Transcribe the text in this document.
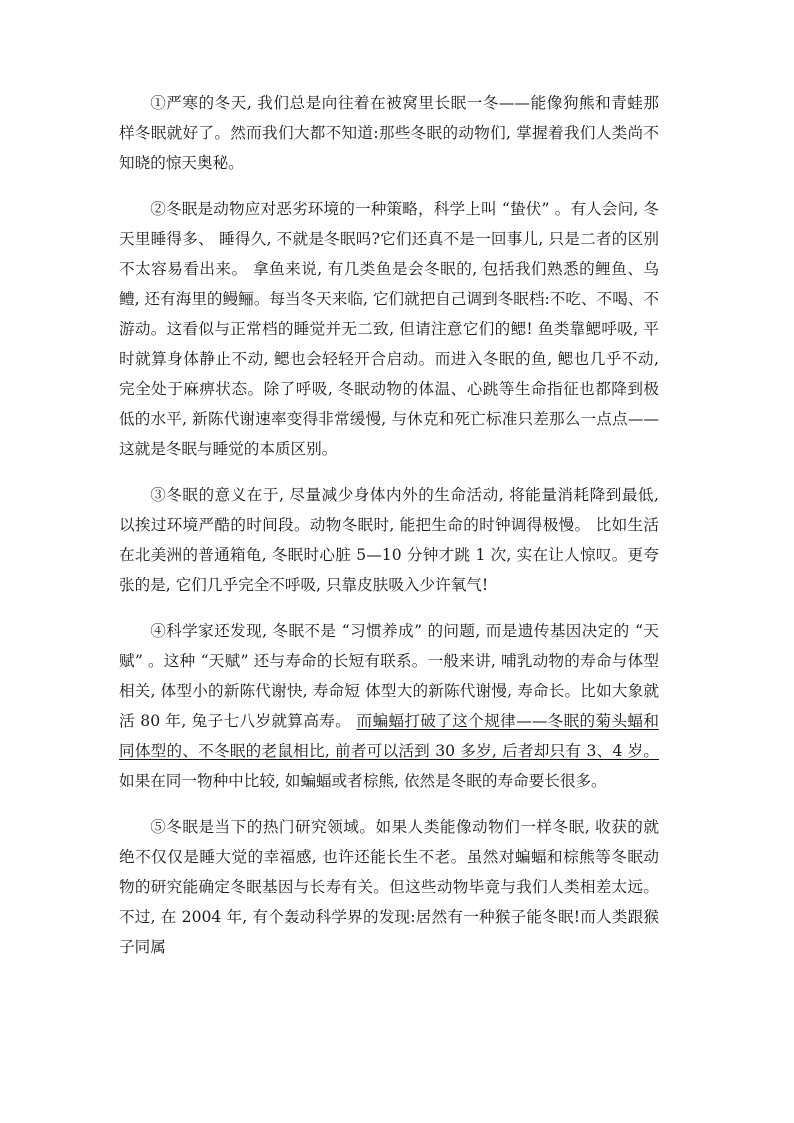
①严寒的冬天, 我们总是向往着在被窝里长眠一冬——能像狗熊和青蛙那样冬眠就好了。然而我们大都不知道:那些冬眠的动物们, 掌握着我们人类尚不知晓的惊天奥秘。

②冬眠是动物应对恶劣环境的一种策略，科学上叫 “蛰伏” 。有人会问, 冬天里睡得多、 睡得久, 不就是冬眠吗?它们还真不是一回事儿, 只是二者的区别不太容易看出来。 拿鱼来说, 有几类鱼是会冬眠的, 包括我们熟悉的鲤鱼、乌鳢, 还有海里的鳗鲡。每当冬天来临, 它们就把自己调到冬眠档:不吃、不喝、不游动。这看似与正常档的睡觉并无二致, 但请注意它们的鳃! 鱼类靠鳃呼吸, 平时就算身体静止不动, 鳃也会轻轻开合启动。而进入冬眠的鱼, 鳃也几乎不动, 完全处于麻痹状态。除了呼吸, 冬眠动物的体温、心跳等生命指征也都降到极低的水平, 新陈代谢速率变得非常缓慢, 与休克和死亡标准只差那么一点点——这就是冬眠与睡觉的本质区别。

③冬眠的意义在于, 尽量减少身体内外的生命活动, 将能量消耗降到最低, 以挨过环境严酷的时间段。动物冬眠时, 能把生命的时钟调得极慢。 比如生活在北美洲的普通箱龟, 冬眠时心脏 5—10 分钟才跳 1 次, 实在让人惊叹。更夸张的是, 它们几乎完全不呼吸, 只靠皮肤吸入少许氧气!

④科学家还发现, 冬眠不是 “习惯养成” 的问题, 而是遗传基因决定的 “天赋” 。这种 “天赋” 还与寿命的长短有联系。一般来讲, 哺乳动物的寿命与体型相关, 体型小的新陈代谢快, 寿命短 体型大的新陈代谢慢, 寿命长。比如大象就活 80 年, 兔子七八岁就算高寿。 而蝙蝠打破了这个规律——冬眠的菊头蝠和同体型的、不冬眠的老鼠相比, 前者可以活到 30 多岁, 后者却只有 3、4 岁。如果在同一物种中比较, 如蝙蝠或者棕熊, 依然是冬眠的寿命要长很多。

⑤冬眠是当下的热门研究领域。如果人类能像动物们一样冬眠, 收获的就绝不仅仅是睡大觉的幸福感, 也许还能长生不老。虽然对蝙蝠和棕熊等冬眠动物的研究能确定冬眠基因与长寿有关。但这些动物毕竟与我们人类相差太远。不过, 在 2004 年, 有个轰动科学界的发现:居然有一种猴子能冬眠!而人类跟猴子同属
